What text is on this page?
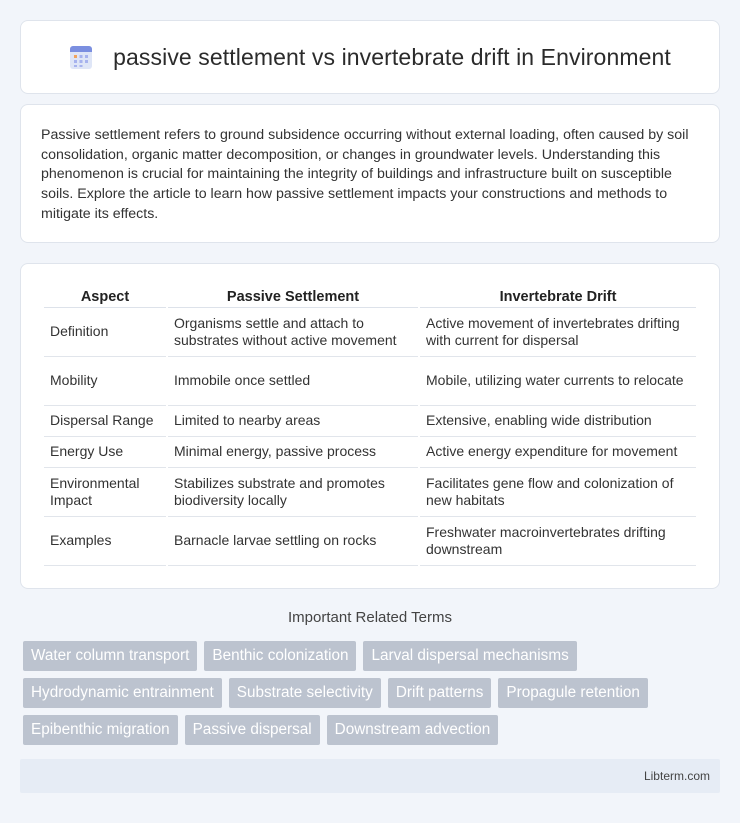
passive settlement vs invertebrate drift in Environment

Passive settlement refers to ground subsidence occurring without external loading, often caused by soil consolidation, organic matter decomposition, or changes in groundwater levels. Understanding this phenomenon is crucial for maintaining the integrity of buildings and infrastructure built on susceptible soils. Explore the article to learn how passive settlement impacts your constructions and methods to mitigate its effects.

Aspect	Passive Settlement	Invertebrate Drift
Definition	Organisms settle and attach to substrates without active movement	Active movement of invertebrates drifting with current for dispersal
Mobility	Immobile once settled	Mobile, utilizing water currents to relocate
Dispersal Range	Limited to nearby areas	Extensive, enabling wide distribution
Energy Use	Minimal energy, passive process	Active energy expenditure for movement
Environmental Impact	Stabilizes substrate and promotes biodiversity locally	Facilitates gene flow and colonization of new habitats
Examples	Barnacle larvae settling on rocks	Freshwater macroinvertebrates drifting downstream
Important Related Terms
Water column transport	Benthic colonization	Larval dispersal mechanisms
Hydrodynamic entrainment	Substrate selectivity	Drift patterns	Propagule retention
Epibenthic migration	Passive dispersal	Downstream advection
Libterm.com
